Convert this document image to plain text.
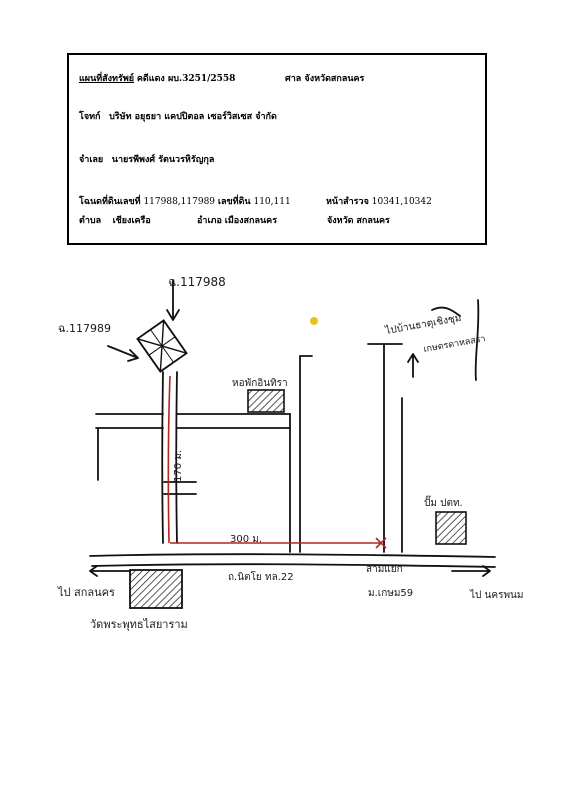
แผนที่สังทรัพย์ คดีแดง ผบ.3251/2558	ศาล จังหวัดสกลนคร
โจทก์ บริษัท อยุธยา แคปปิตอล เซอร์วิสเซส จำกัด
จำเลย นายรพีพงศ์ รัตนวรหิรัญกุล
โฉนดที่ดินเลขที่ 117988,117989 เลขที่ดิน 110,111	หน้าสำรวจ 10341,10342
ตำบล เชียงเครือ	อำเภอ เมืองสกลนคร	จังหวัด สกลนคร
ฉ.117988
ฉ.117989
หอพักอินทิรา
170 ม.
300 ม.
ไปบ้านธาตุเชิงชุม
เกษตรดาหลสรา
ปั๊ม ปตท.
ถ.นิตโย ทล.22
สามแยก
ม.เกษม59
ไป สกลนคร	ไป นครพนม
วัดพระพุทธไสยาราม
